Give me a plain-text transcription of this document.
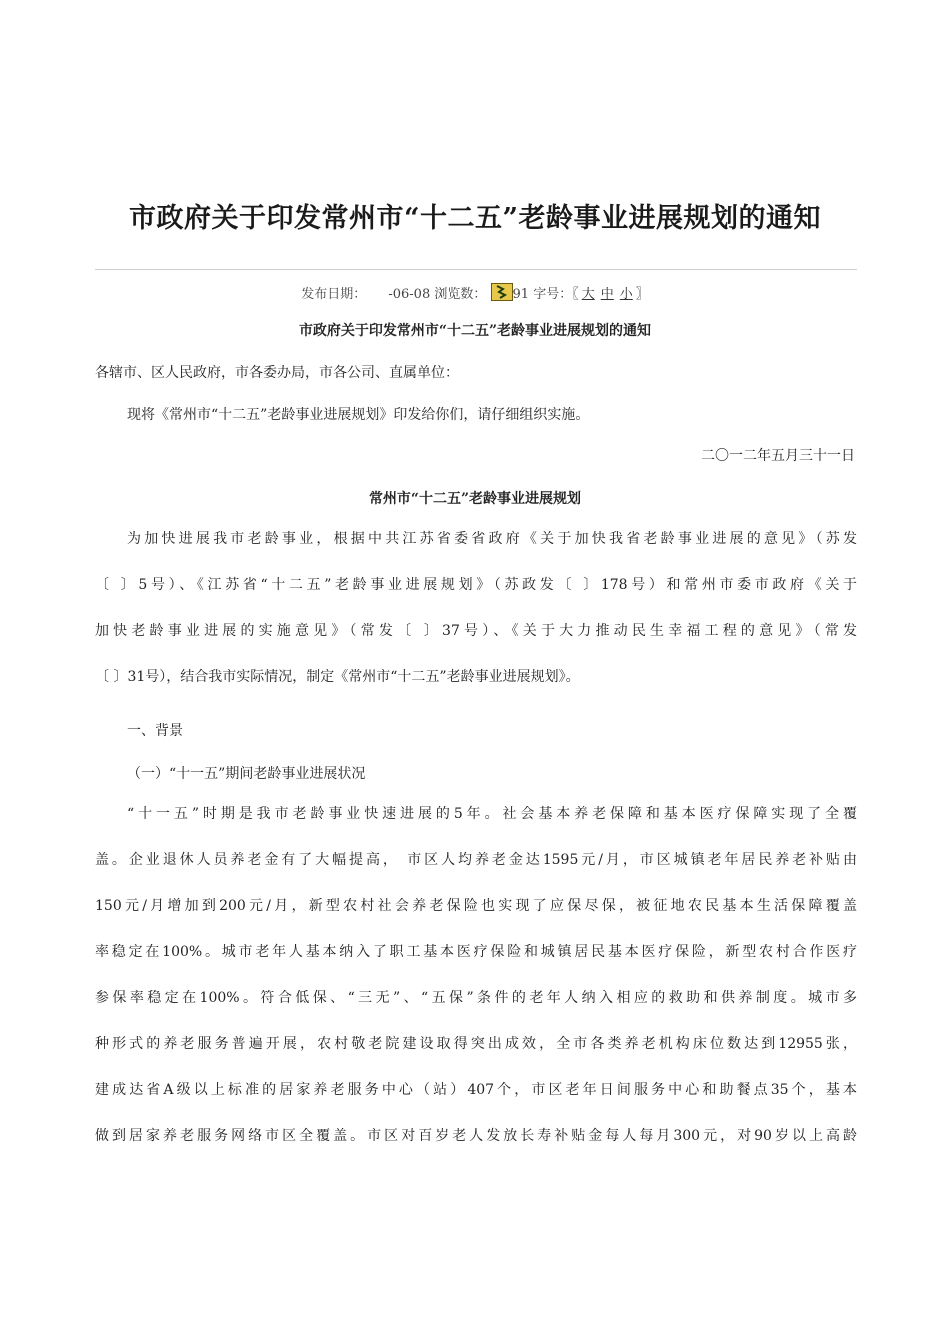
市政府关于印发常州市“十二五”老龄事业进展规划的通知
发布日期： -06-08 浏览数： 91 字号：〖 大 中 小 〗
市政府关于印发常州市“十二五”老龄事业进展规划的通知
各辖市、区人民政府，市各委办局，市各公司、直属单位：
现将《常州市“十二五”老龄事业进展规划》印发给你们，请仔细组织实施。
二〇一二年五月三十一日
常州市“十二五”老龄事业进展规划
为加快进展我市老龄事业，根据中共江苏省委省政府《关于加快我省老龄事业进展的意见》（苏发
〔 〕5号）、《江苏省“十二五”老龄事业进展规划》（苏政发〔 〕178号）和常州市委市政府《关于
加快老龄事业进展的实施意见》（常发〔 〕37号）、《关于大力推动民生幸福工程的意见》（常发
〔 〕31号），结合我市实际情况，制定《常州市“十二五”老龄事业进展规划》。
一、背景
（一）“十一五”期间老龄事业进展状况
“十一五”时期是我市老龄事业快速进展的5年。社会基本养老保障和基本医疗保障实现了全覆
盖。企业退休人员养老金有了大幅提高， 市区人均养老金达1595元/月，市区城镇老年居民养老补贴由
150元/月增加到200元/月，新型农村社会养老保险也实现了应保尽保，被征地农民基本生活保障覆盖
率稳定在100%。城市老年人基本纳入了职工基本医疗保险和城镇居民基本医疗保险，新型农村合作医疗
参保率稳定在100%。符合低保、“三无”、“五保”条件的老年人纳入相应的救助和供养制度。城市多
种形式的养老服务普遍开展，农村敬老院建设取得突出成效，全市各类养老机构床位数达到12955张，
建成达省A级以上标准的居家养老服务中心（站）407个，市区老年日间服务中心和助餐点35个，基本
做到居家养老服务网络市区全覆盖。市区对百岁老人发放长寿补贴金每人每月300元，对90岁以上高龄
